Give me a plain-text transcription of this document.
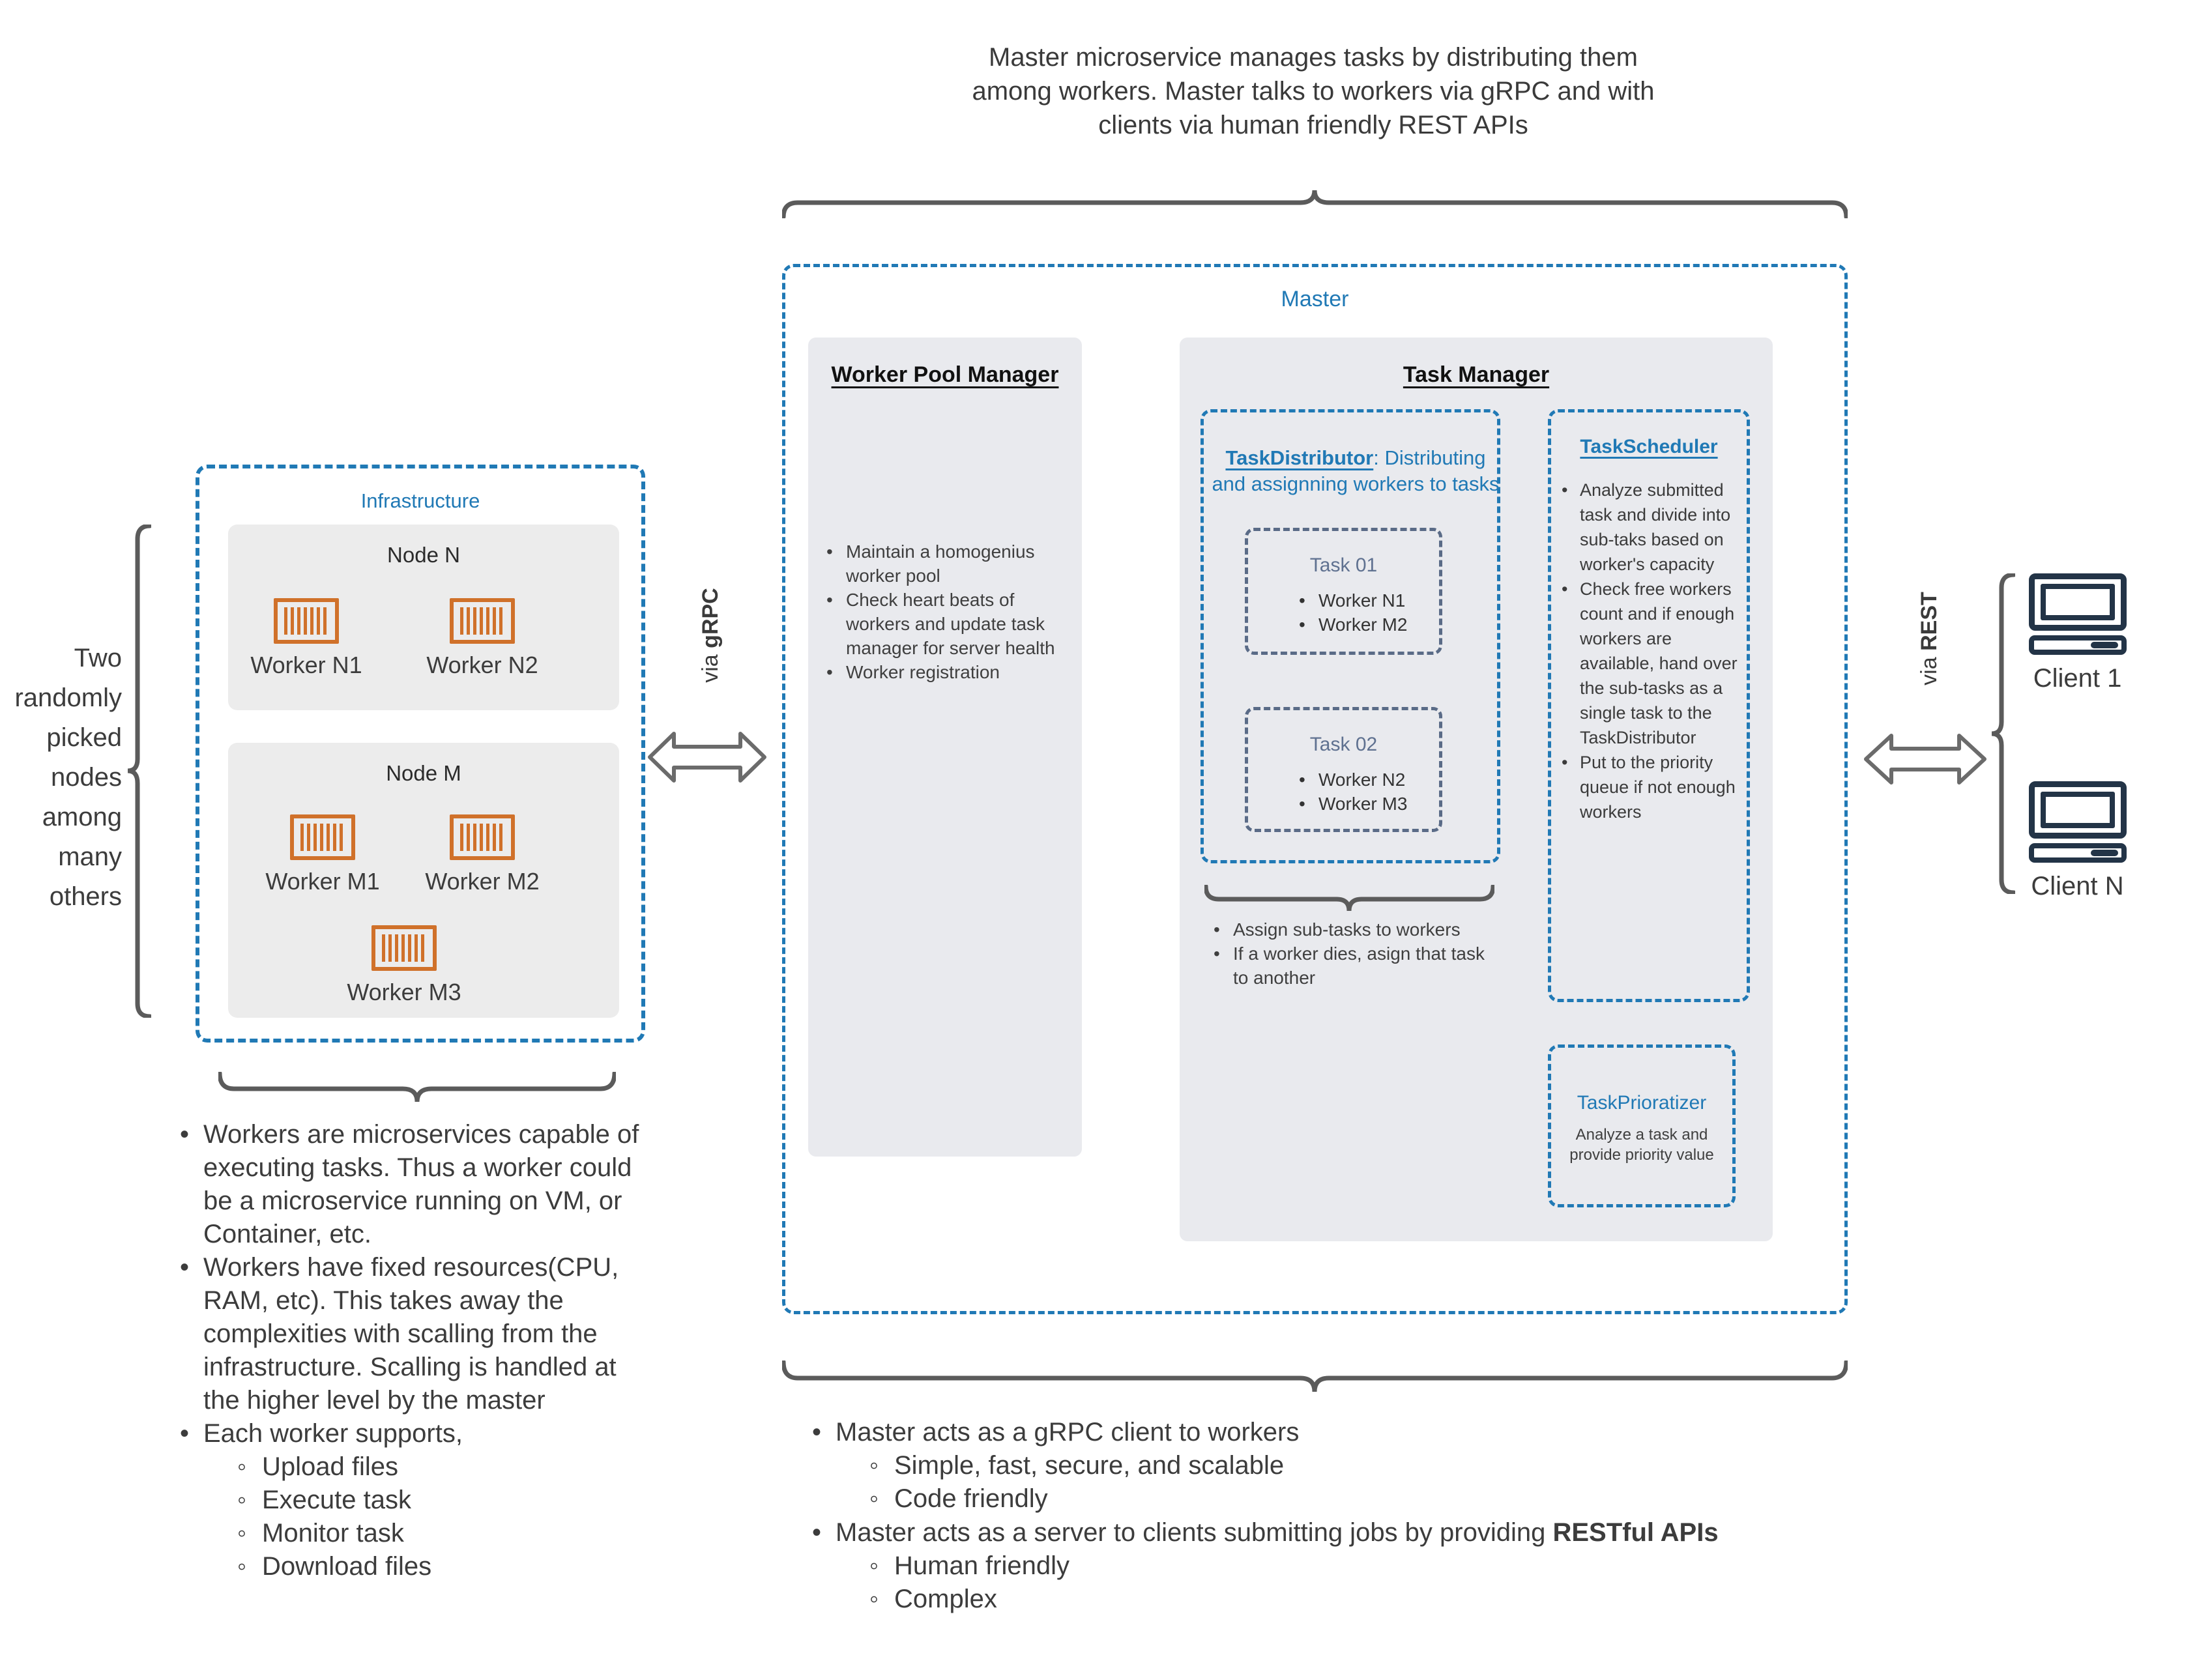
Master microservice manages tasks by distributing them
among workers. Master talks to workers via gRPC and with
clients via human friendly REST APIs
Master
Worker Pool Manager
• Maintain a homogenius worker pool
• Check heart beats of workers and update task manager for server health
• Worker registration
Task Manager
TaskDistributor: Distributing and assignning workers to tasks
Task 01
• Worker N1
• Worker M2
Task 02
• Worker N2
• Worker M3
• Assign sub-tasks to workers
• If a worker dies, asign that task to another
TaskScheduler
• Analyze submitted task and divide into sub-taks based on worker's capacity
• Check free workers count and if enough workers are available, hand over the sub-tasks as a single task to the TaskDistributor
• Put to the priority queue if not enough workers
TaskPrioratizer
Analyze a task and provide priority value
• Master acts as a gRPC client to workers
◦ Simple, fast, secure, and scalable
◦ Code friendly
• Master acts as a server to clients submitting jobs by providing RESTful APIs
◦ Human friendly
◦ Complex
Infrastructure
Node N
Worker N1	Worker N2
Node M
Worker M1 Worker M2
Worker M3
Two randomly picked nodes among many others
• Workers are microservices capable of executing tasks. Thus a worker could be a microservice running on VM, or Container, etc.
• Workers have fixed resources(CPU, RAM, etc). This takes away the complexities with scalling from the infrastructure. Scalling is handled at the higher level by the master
• Each worker supports,
◦ Upload files
◦ Execute task
◦ Monitor task
◦ Download files
via
gRPC
via
REST
Client 1
Client N
